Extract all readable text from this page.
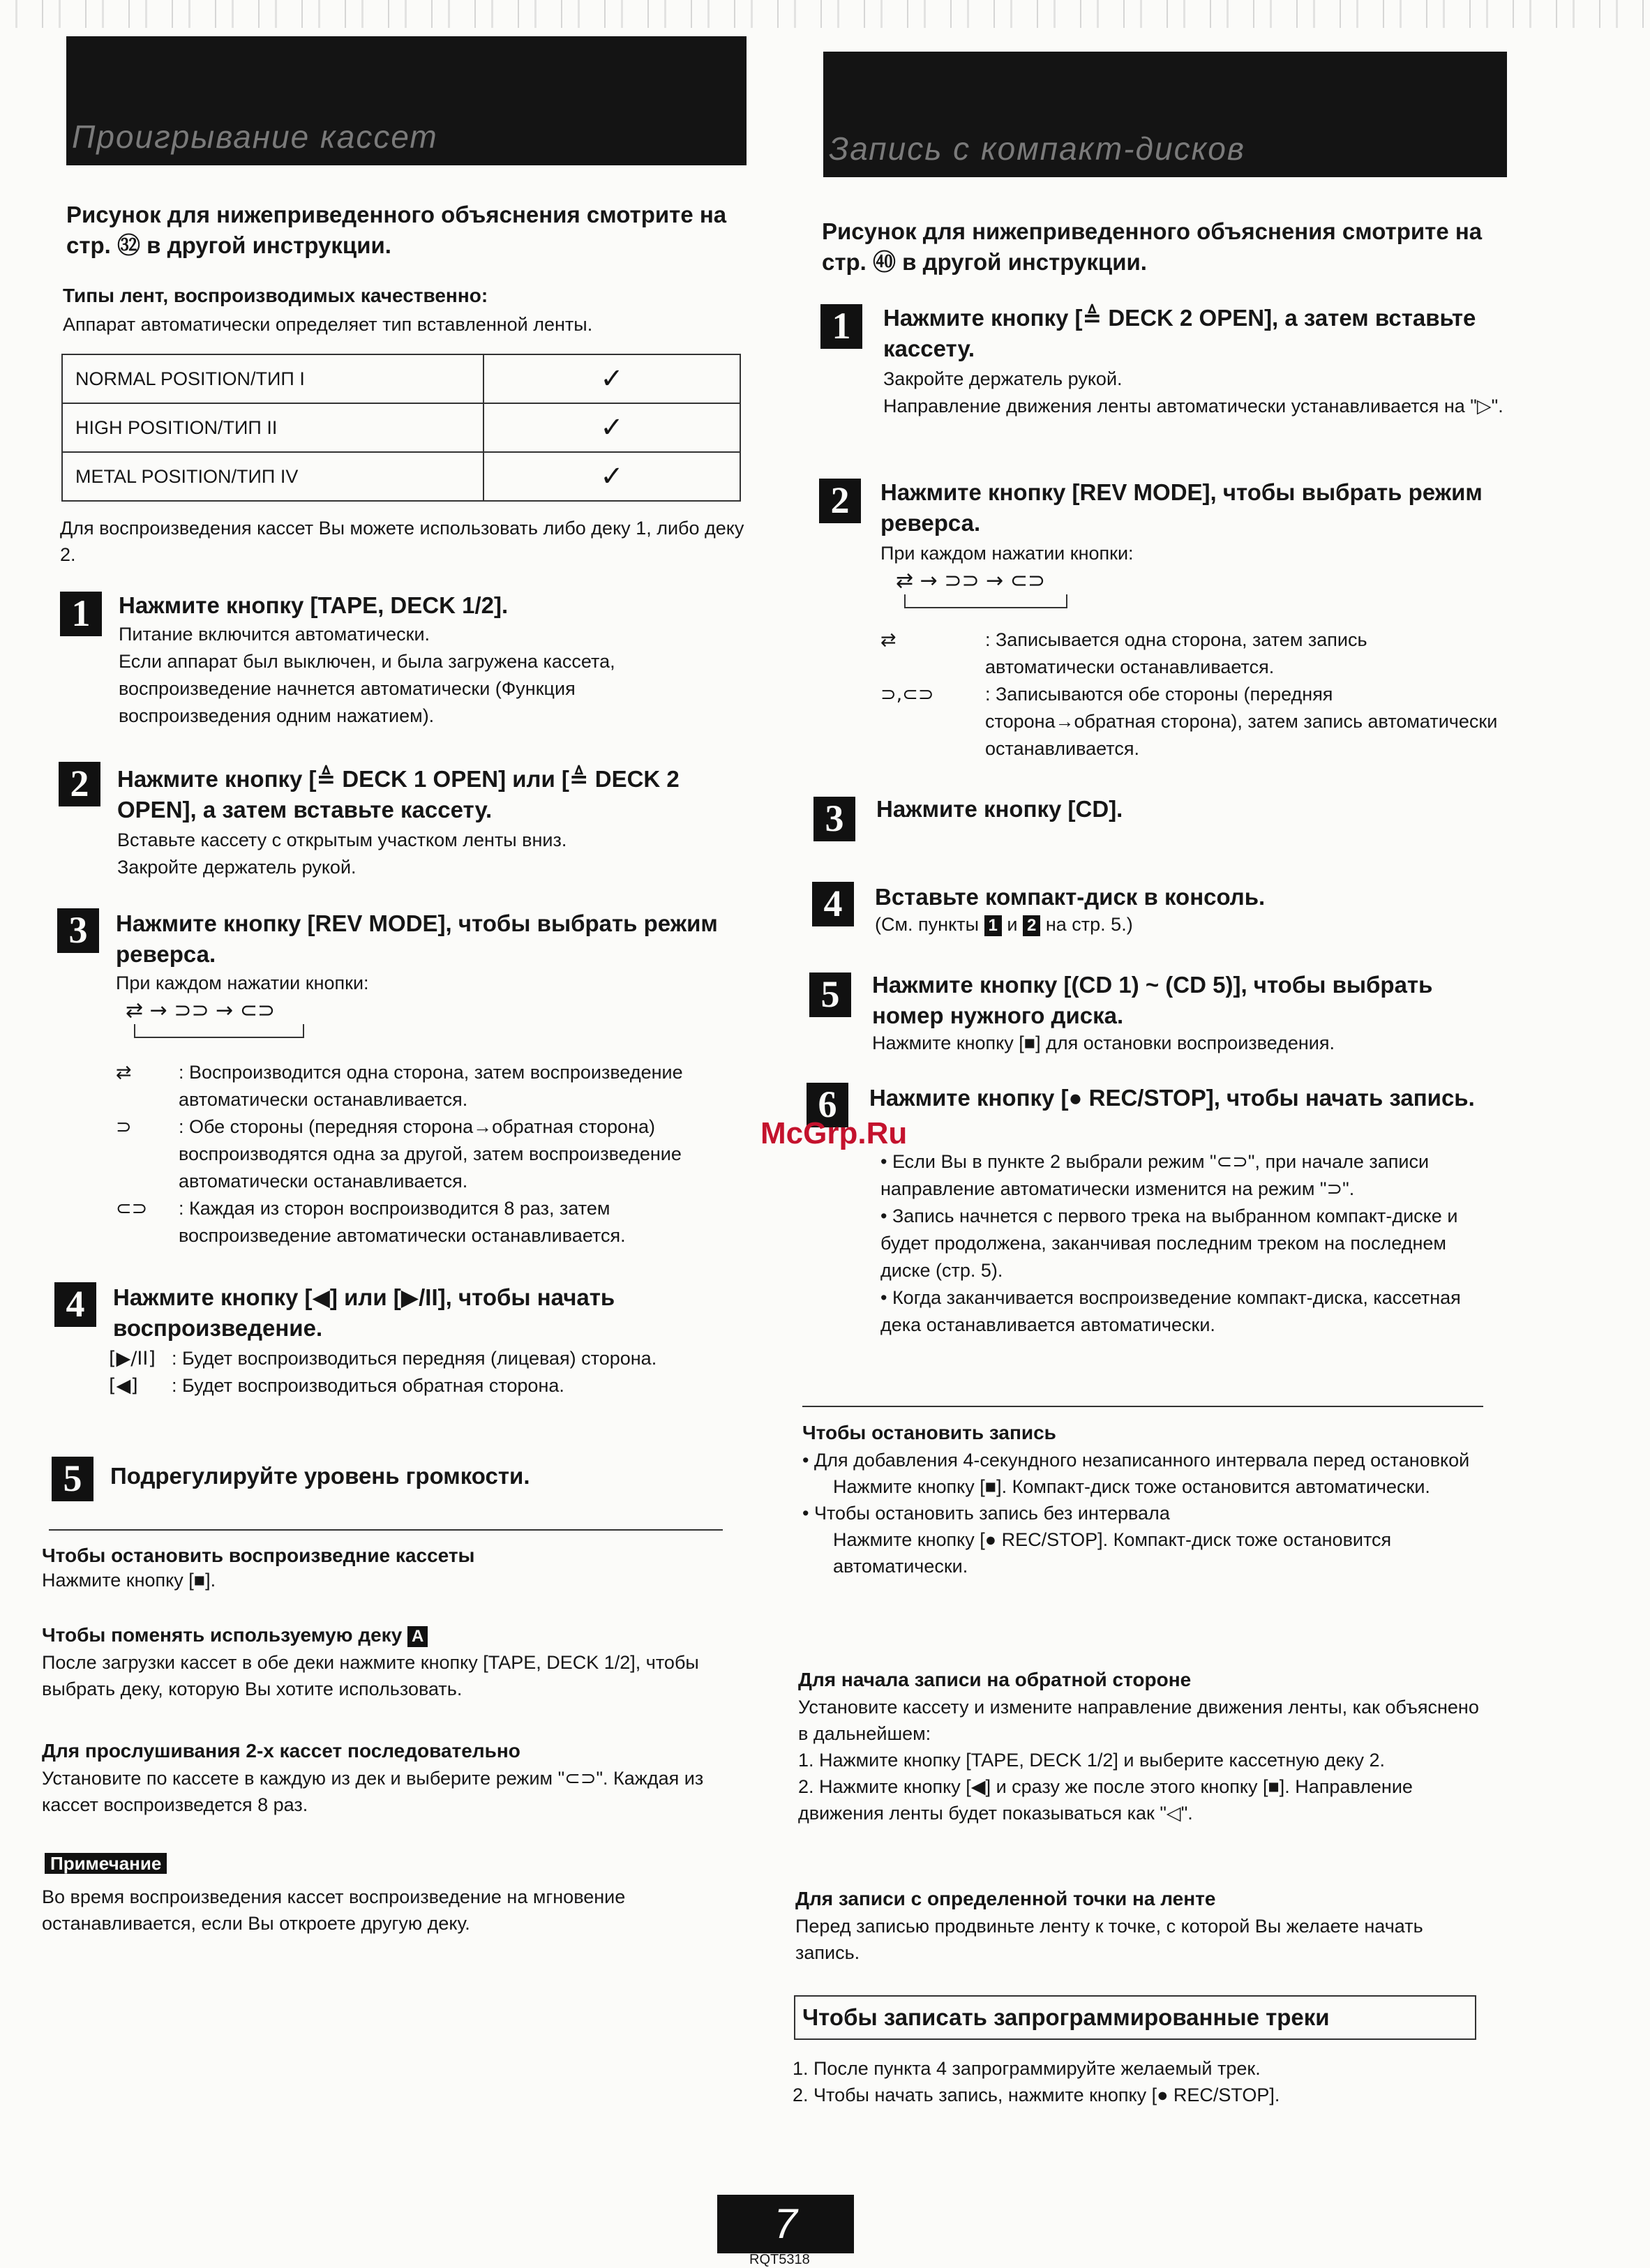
Проигрывание кассет
Рисунок для нижеприведенного объяснения смотрите на стр. ㉜ в другой инструкции.
Типы лент, воспроизводимых качественно:
Аппарат автоматически определяет тип вставленной ленты.
NORMAL POSITION/ТИП I	✓
HIGH POSITION/ТИП II	✓
METAL POSITION/ТИП IV	✓
Для воспроизведения кассет Вы можете использовать либо деку 1, либо деку 2.
1	Нажмите кнопку [TAPE, DECK 1/2].
Питание включится автоматически.
Если аппарат был выключен, и была загружена кассета, воспроизведение начнется автоматически (Функция воспроизведения одним нажатием).
2	Нажмите кнопку [≜ DECK 1 OPEN] или [≜ DECK 2 OPEN], а затем вставьте кассету.
Вставьте кассету с открытым участком ленты вниз.
Закройте держатель рукой.
3	Нажмите кнопку [REV MODE], чтобы выбрать режим реверса.
При каждом нажатии кнопки:
⇄ → ⊃⊃ → ⊂⊃
⇄	: Воспроизводится одна сторона, затем воспроизведение автоматически останавливается.
⊃	: Обе стороны (передняя сторона→обратная сторона) воспроизводятся одна за другой, затем воспроизведение автоматически останавливается.
⊂⊃	: Каждая из сторон воспроизводится 8 раз, затем воспроизведение автоматически останавливается.
4	Нажмите кнопку [◀] или [▶/II], чтобы начать воспроизведение.
[▶/II] : Будет воспроизводиться передняя (лицевая) сторона.
[◀]	: Будет воспроизводиться обратная сторона.
5	Подрегулируйте уровень громкости.
Чтобы остановить воспроизведние кассеты
Нажмите кнопку [■].
Чтобы поменять используемую деку A
После загрузки кассет в обе деки нажмите кнопку [TAPE, DECK 1/2], чтобы выбрать деку, которую Вы хотите использовать.
Для прослушивания 2-х кассет последовательно
Установите по кассете в каждую из дек и выберите режим "⊂⊃". Каждая из кассет воспроизведется 8 раз.
Примечание
Во время воспроизведения кассет воспроизведение на мгновение останавливается, если Вы откроете другую деку.
Запись с компакт-дисков
Рисунок для нижеприведенного объяснения смотрите на стр. ㊵ в другой инструкции.
1	Нажмите кнопку [≜ DECK 2 OPEN], а затем вставьте кассету.
Закройте держатель рукой.
Направление движения ленты автоматически устанавливается на "▷".
2	Нажмите кнопку [REV MODE], чтобы выбрать режим реверса.
При каждом нажатии кнопки:
⇄ → ⊃⊃ → ⊂⊃
⇄	: Записывается одна сторона, затем запись автоматически останавливается.
⊃,⊂⊃	: Записываются обе стороны (передняя сторона→обратная сторона), затем запись автоматически останавливается.
3	Нажмите кнопку [CD].
4	Вставьте компакт-диск в консоль.
(См. пункты 1 и 2 на стр. 5.)
5	Нажмите кнопку [(CD 1) ~ (CD 5)], чтобы выбрать номер нужного диска.
Нажмите кнопку [■] для остановки воспроизведения.
6	Нажмите кнопку [● REC/STOP], чтобы начать запись.
• Если Вы в пункте 2 выбрали режим "⊂⊃", при начале записи направление автоматически изменится на режим "⊃".
• Запись начнется с первого трека на выбранном компакт-диске и будет продолжена, заканчивая последним треком на последнем диске (стр. 5).
• Когда заканчивается воспроизведение компакт-диска, кассетная дека останавливается автоматически.
McGrp.Ru
Чтобы остановить запись
• Для добавления 4-секундного незаписанного интервала перед остановкой
Нажмите кнопку [■]. Компакт-диск тоже остановится автоматически.
• Чтобы остановить запись без интервала
Нажмите кнопку [● REC/STOP]. Компакт-диск тоже остановится автоматически.
Для начала записи на обратной стороне
Установите кассету и измените направление движения ленты, как объяснено в дальнейшем:
1. Нажмите кнопку [TAPE, DECK 1/2] и выберите кассетную деку 2.
2. Нажмите кнопку [◀] и сразу же после этого кнопку [■]. Направление движения ленты будет показываться как "◁".
Для записи с определенной точки на ленте
Перед записью продвиньте ленту к точке, с которой Вы желаете начать запись.
Чтобы записать запрограммированные треки
1. После пункта 4 запрограммируйте желаемый трек.
2. Чтобы начать запись, нажмите кнопку [● REC/STOP].
7
RQT5318
